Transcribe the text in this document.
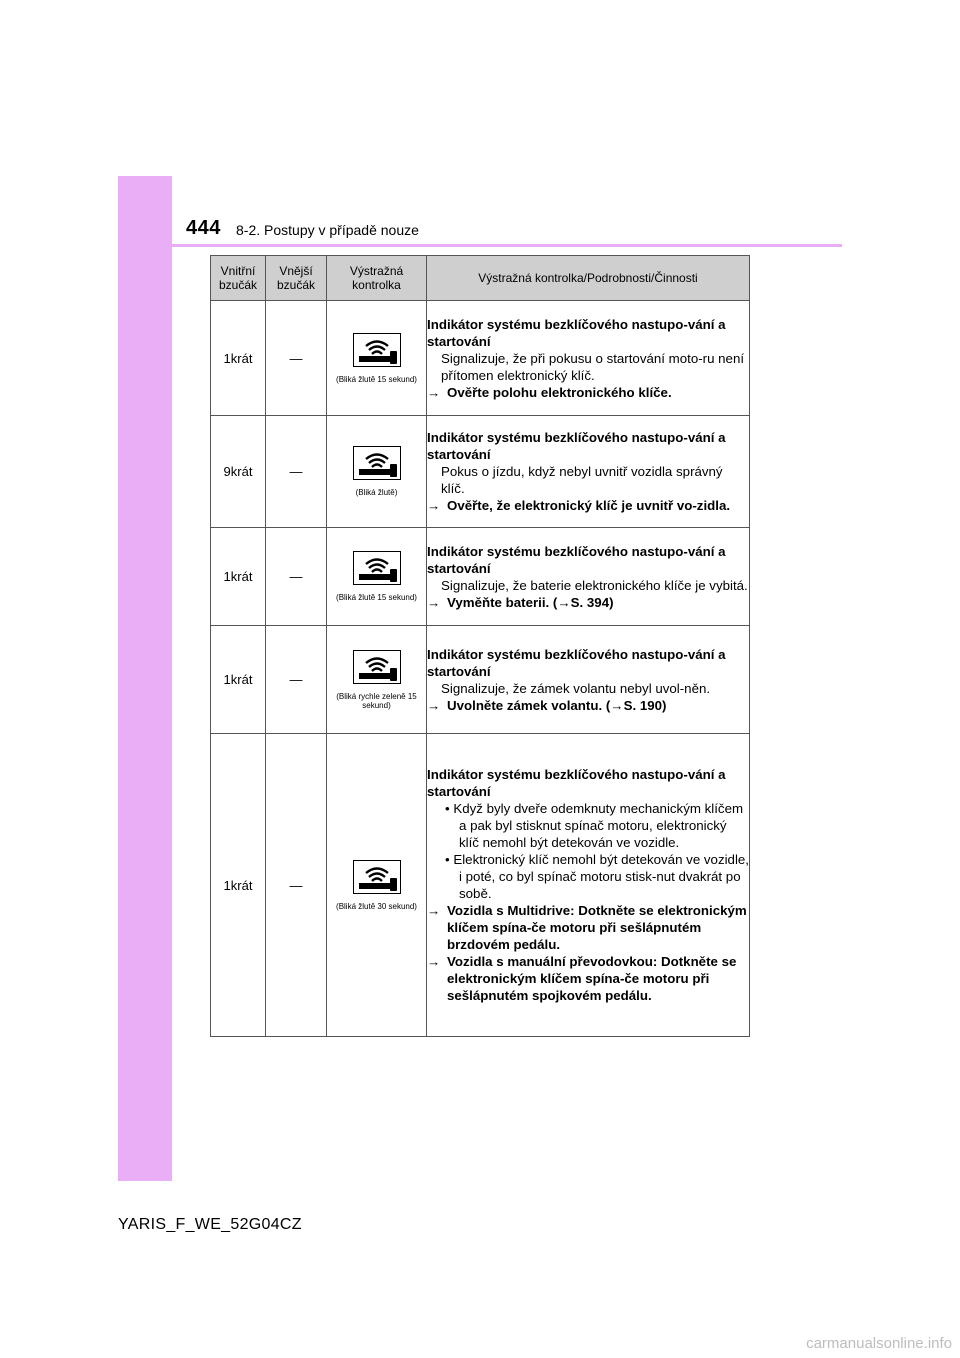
444 8-2. Postupy v případě nouze
Vnitřní bzučák	Vnější bzučák	Výstražná kontrolka	Výstražná kontrolka/Podrobnosti/Činnosti
1krát	—	(Bliká žlutě 15 sekund)	Indikátor systému bezklíčového nastupo-vání a startování
Signalizuje, že při pokusu o startování moto-ru není přítomen elektronický klíč.
→ Ověřte polohu elektronického klíče.

9krát	—	(Bliká žlutě)	Indikátor systému bezklíčového nastupo-vání a startování
Pokus o jízdu, když nebyl uvnitř vozidla správný klíč.
→ Ověřte, že elektronický klíč je uvnitř vo-zidla.

1krát	—	(Bliká žlutě 15 sekund)	Indikátor systému bezklíčového nastupo-vání a startování
Signalizuje, že baterie elektronického klíče je vybitá.
→ Vyměňte baterii. (→S. 394)

1krát	—	(Bliká rychle zeleně 15 sekund)	Indikátor systému bezklíčového nastupo-vání a startování
Signalizuje, že zámek volantu nebyl uvol-něn.
→ Uvolněte zámek volantu. (→S. 190)

1krát	—	(Bliká žlutě 30 sekund)	Indikátor systému bezklíčového nastupo-vání a startování
• Když byly dveře odemknuty mechanickým klíčem a pak byl stisknut spínač motoru, elektronický klíč nemohl být detekován ve vozidle.
• Elektronický klíč nemohl být detekován ve vozidle, i poté, co byl spínač motoru stisk-nut dvakrát po sobě.
→ Vozidla s Multidrive: Dotkněte se elektronickým klíčem spína-če motoru při sešlápnutém brzdovém pedálu.
→ Vozidla s manuální převodovkou: Dotkněte se elektronickým klíčem spína-če motoru při sešlápnutém spojkovém pedálu.
YARIS_F_WE_52G04CZ
carmanualsonline.info
